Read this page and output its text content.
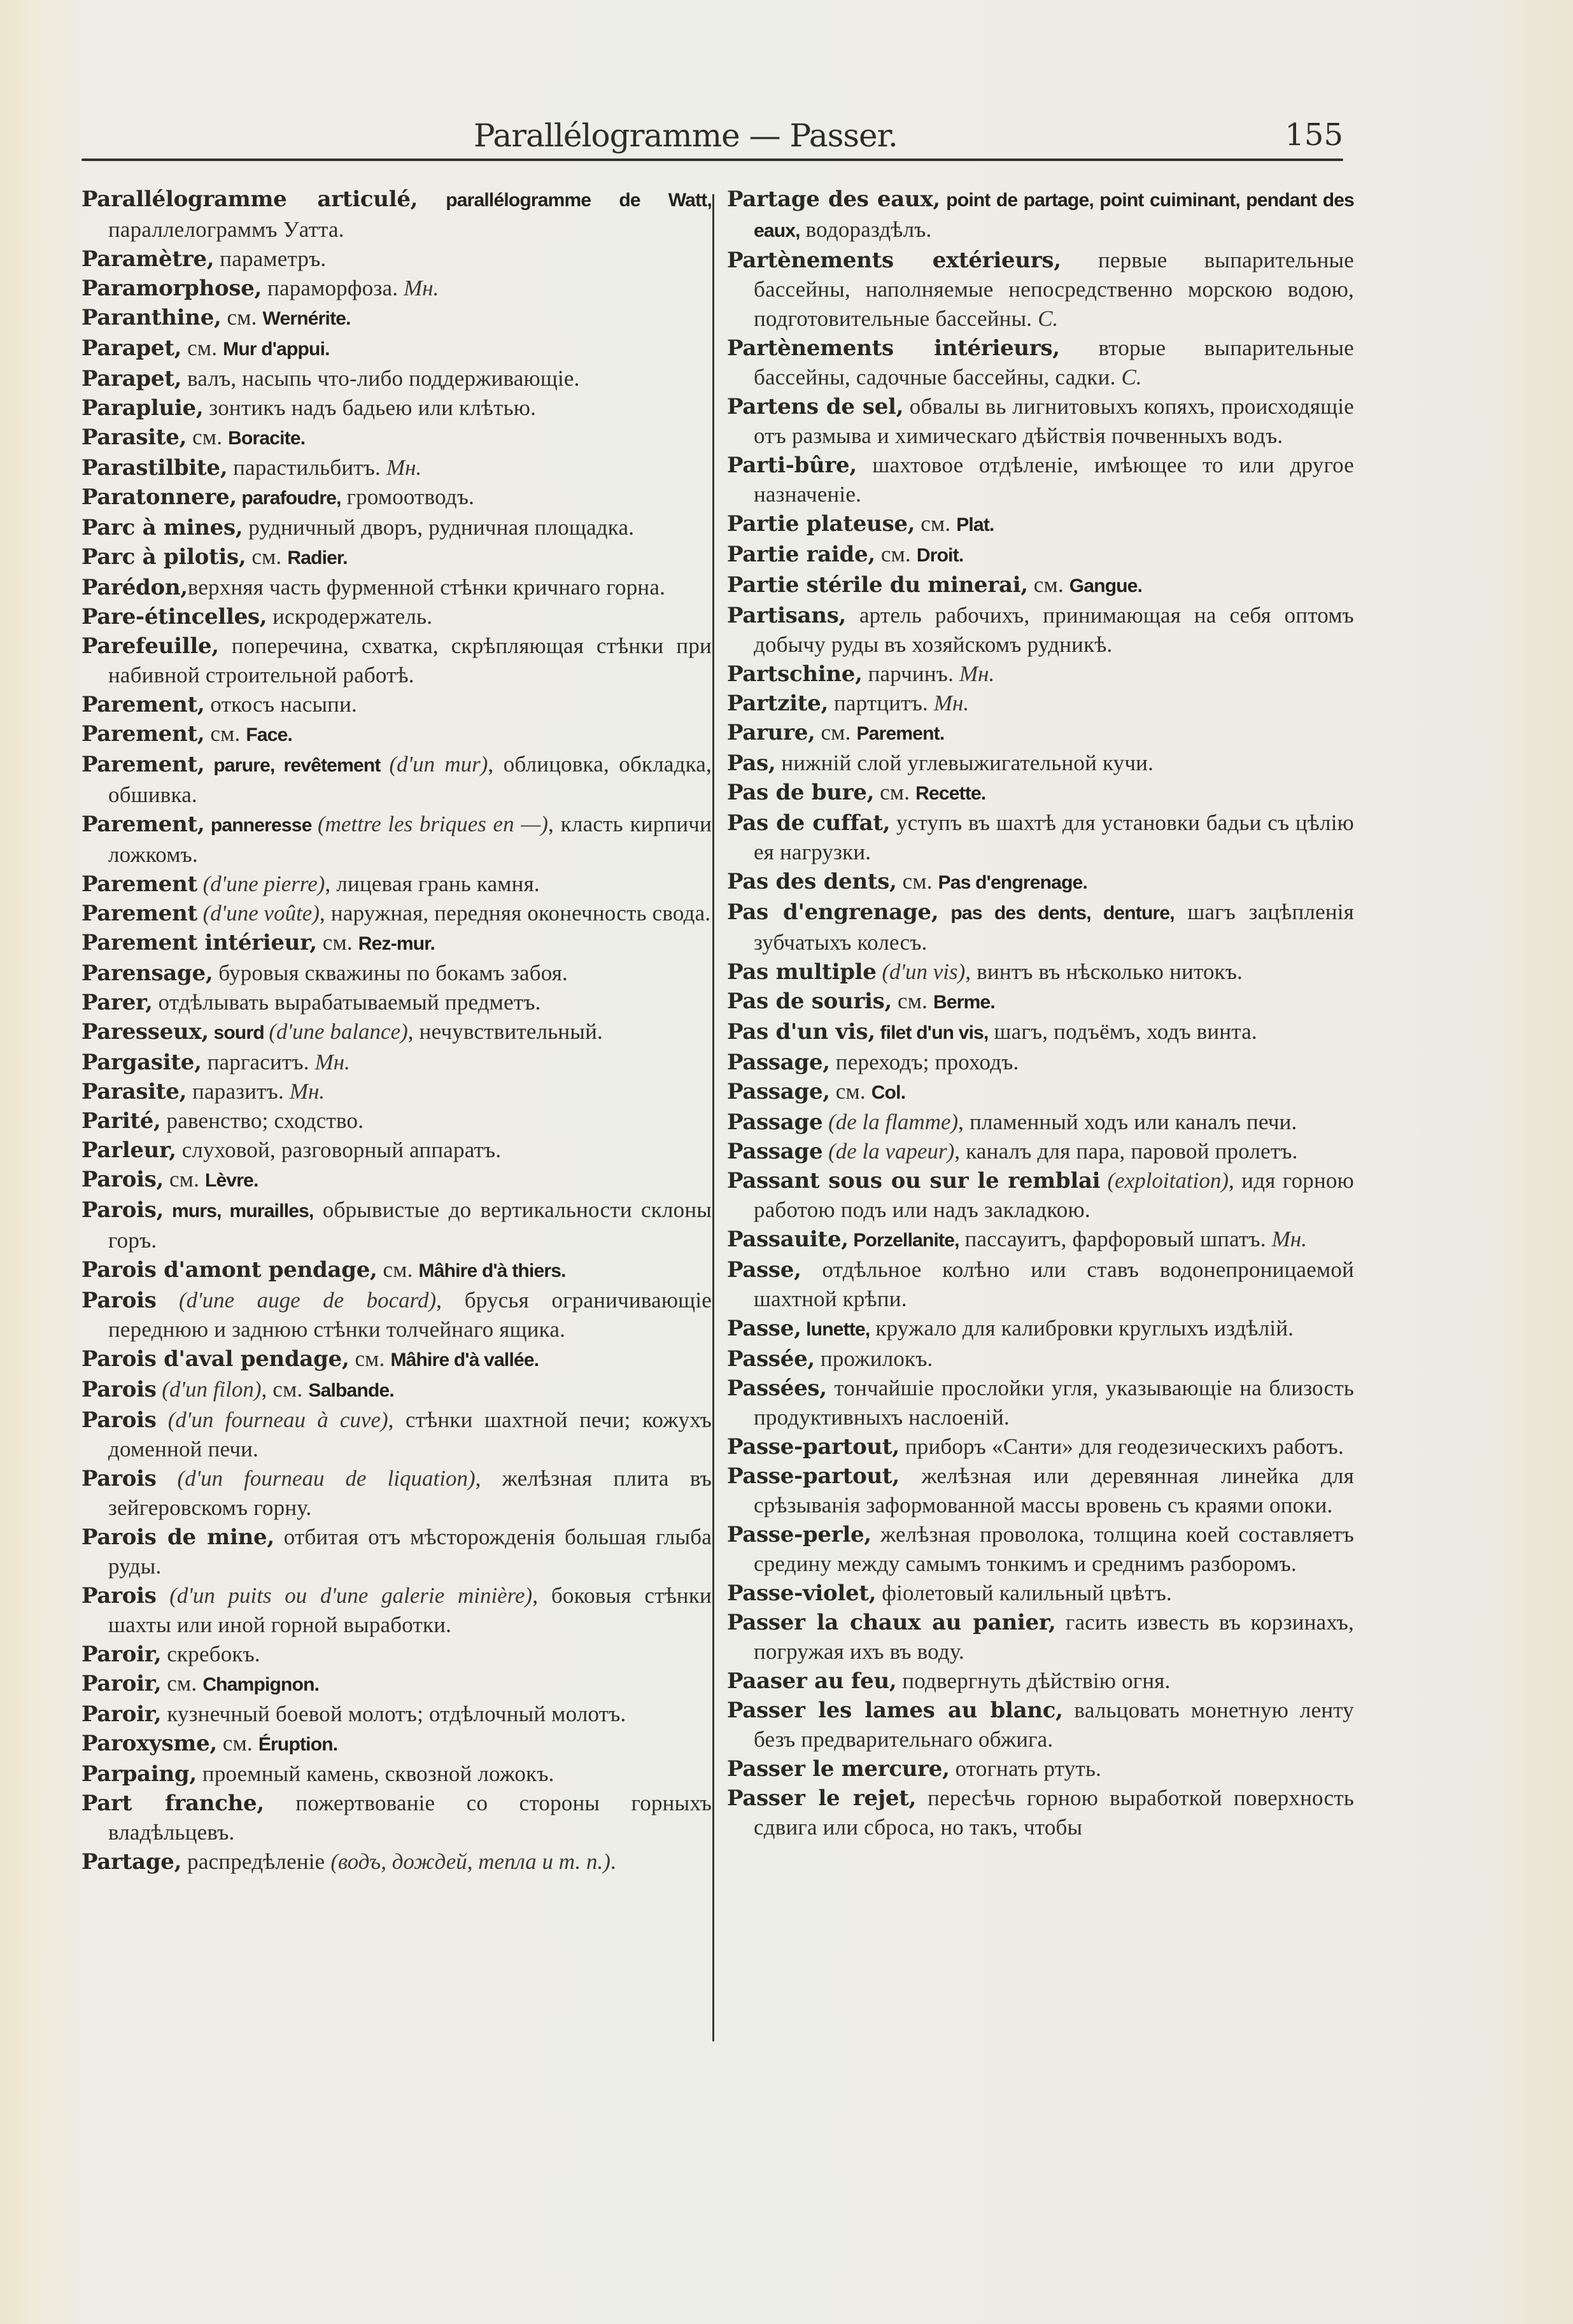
Parallélogramme — Passer.	155

Parallélogramme articulé, parallélogramme de Watt, параллелограммъ Уатта.

Paramètre, параметръ.

Paramorphose, параморфоза. Мн.

Paranthine, см. Wernérite.

Parapet, см. Mur d'appui.

Parapet, валъ, насыпь что-либо поддерживающіе.

Parapluie, зонтикъ надъ бадьею или клѣтью.

Parasite, см. Boracite.

Parastilbite, парастильбитъ. Мн.

Paratonnere, parafoudre, громоотводъ.

Parc à mines, рудничный дворъ, рудничная площадка.

Parc à pilotis, см. Radier.

Parédon,верхняя часть фурменной стѣнки кричнаго горна.

Pare-étincelles, искродержатель.

Parefeuille, поперечина, схватка, скрѣпляющая стѣнки при набивной строительной работѣ.

Parement, откосъ насыпи.

Parement, см. Face.

Parement, parure, revêtement (d'un mur), облицовка, обкладка, обшивка.

Parement, panneresse (mettre les briques en —), класть кирпичи ложкомъ.

Parement (d'une pierre), лицевая грань камня.

Parement (d'une voûte), наружная, передняя оконечность свода.

Parement intérieur, см. Rez-mur.

Parensage, буровыя скважины по бокамъ забоя.

Parer, отдѣлывать вырабатываемый предметъ.

Paresseux, sourd (d'une balance), нечувствительный.

Pargasite, паргаситъ. Мн.

Parasite, паразитъ. Мн.

Parité, равенство; сходство.

Parleur, слуховой, разговорный аппаратъ.

Parois, см. Lèvre.

Parois, murs, murailles, обрывистые до вертикальности склоны горъ.

Parois d'amont pendage, см. Mâhire d'à thiers.

Parois (d'une auge de bocard), брусья ограничивающіе переднюю и заднюю стѣнки толчейнаго ящика.

Parois d'aval pendage, см. Mâhire d'à vallée.

Parois (d'un filon), см. Salbande.

Parois (d'un fourneau à cuve), стѣнки шахтной печи; кожухъ доменной печи.

Parois (d'un fourneau de liquation), желѣзная плита въ зейгеровскомъ горну.

Parois de mine, отбитая отъ мѣсторожденія большая глыба руды.

Parois (d'un puits ou d'une galerie minière), боковыя стѣнки шахты или иной горной выработки.

Paroir, скребокъ.

Paroir, см. Champignon.

Paroir, кузнечный боевой молотъ; отдѣлочный молотъ.

Paroxysme, см. Éruption.

Parpaing, проемный камень, сквозной ложокъ.

Part franche, пожертвованіе со стороны горныхъ владѣльцевъ.

Partage, распредѣленіе (водъ, дождей, тепла и т. п.).

Partage des eaux, point de partage, point cuiminant, pendant des eaux, водораздѣлъ.

Partènements extérieurs, первые выпарительные бассейны, наполняемые непосредственно морскою водою, подготовительные бассейны. С.

Partènements intérieurs, вторые выпарительные бассейны, садочные бассейны, садки. С.

Partens de sel, обвалы вь лигнитовыхъ копяхъ, происходящіе отъ размыва и химическаго дѣйствія почвенныхъ водъ.

Parti-bûre, шахтовое отдѣленіе, имѣющее то или другое назначеніе.

Partie plateuse, см. Plat.

Partie raide, см. Droit.

Partie stérile du minerai, см. Gangue.

Partisans, артель рабочихъ, принимающая на себя оптомъ добычу руды въ хозяйскомъ рудникѣ.

Partschine, парчинъ. Мн.

Partzite, партцитъ. Мн.

Parure, см. Parement.

Pas, нижній слой углевыжигательной кучи.

Pas de bure, см. Recette.

Pas de cuffat, уступъ въ шахтѣ для установки бадьи съ цѣлію ея нагрузки.

Pas des dents, см. Pas d'engrenage.

Pas d'engrenage, pas des dents, denture, шагъ зацѣпленія зубчатыхъ колесъ.

Pas multiple (d'un vis), винтъ въ нѣсколько нитокъ.

Pas de souris, см. Berme.

Pas d'un vis, filet d'un vis, шагъ, подъёмъ, ходъ винта.

Passage, переходъ; проходъ.

Passage, см. Col.

Passage (de la flamme), пламенный ходъ или каналъ печи.

Passage (de la vapeur), каналъ для пара, паровой пролетъ.

Passant sous ou sur le remblai (exploitation), идя горною работою подъ или надъ закладкою.

Passauite, Porzellanite, пассауитъ, фарфоровый шпатъ. Мн.

Passe, отдѣльное колѣно или ставъ водонепроницаемой шахтной крѣпи.

Passe, lunette, кружало для калибровки круглыхъ издѣлій.

Passée, прожилокъ.

Passées, тончайшіе прослойки угля, указывающіе на близость продуктивныхъ наслоеній.

Passe-partout, приборъ «Санти» для геодезическихъ работъ.

Passe-partout, желѣзная или деревянная линейка для срѣзыванія заформованной массы вровень съ краями опоки.

Passe-perle, желѣзная проволока, толщина коей составляетъ средину между самымъ тонкимъ и среднимъ разборомъ.

Passe-violet, фіолетовый калильный цвѣтъ.

Passer la chaux au panier, гасить известь въ корзинахъ, погружая ихъ въ воду.

Paaser au feu, подвергнуть дѣйствію огня.

Passer les lames au blanc, вальцовать монетную ленту безъ предварительнаго обжига.

Passer le mercure, отогнать ртуть.

Passer le rejet, пересѣчь горною выработкой поверхность сдвига или сброса, но такъ, чтобы
